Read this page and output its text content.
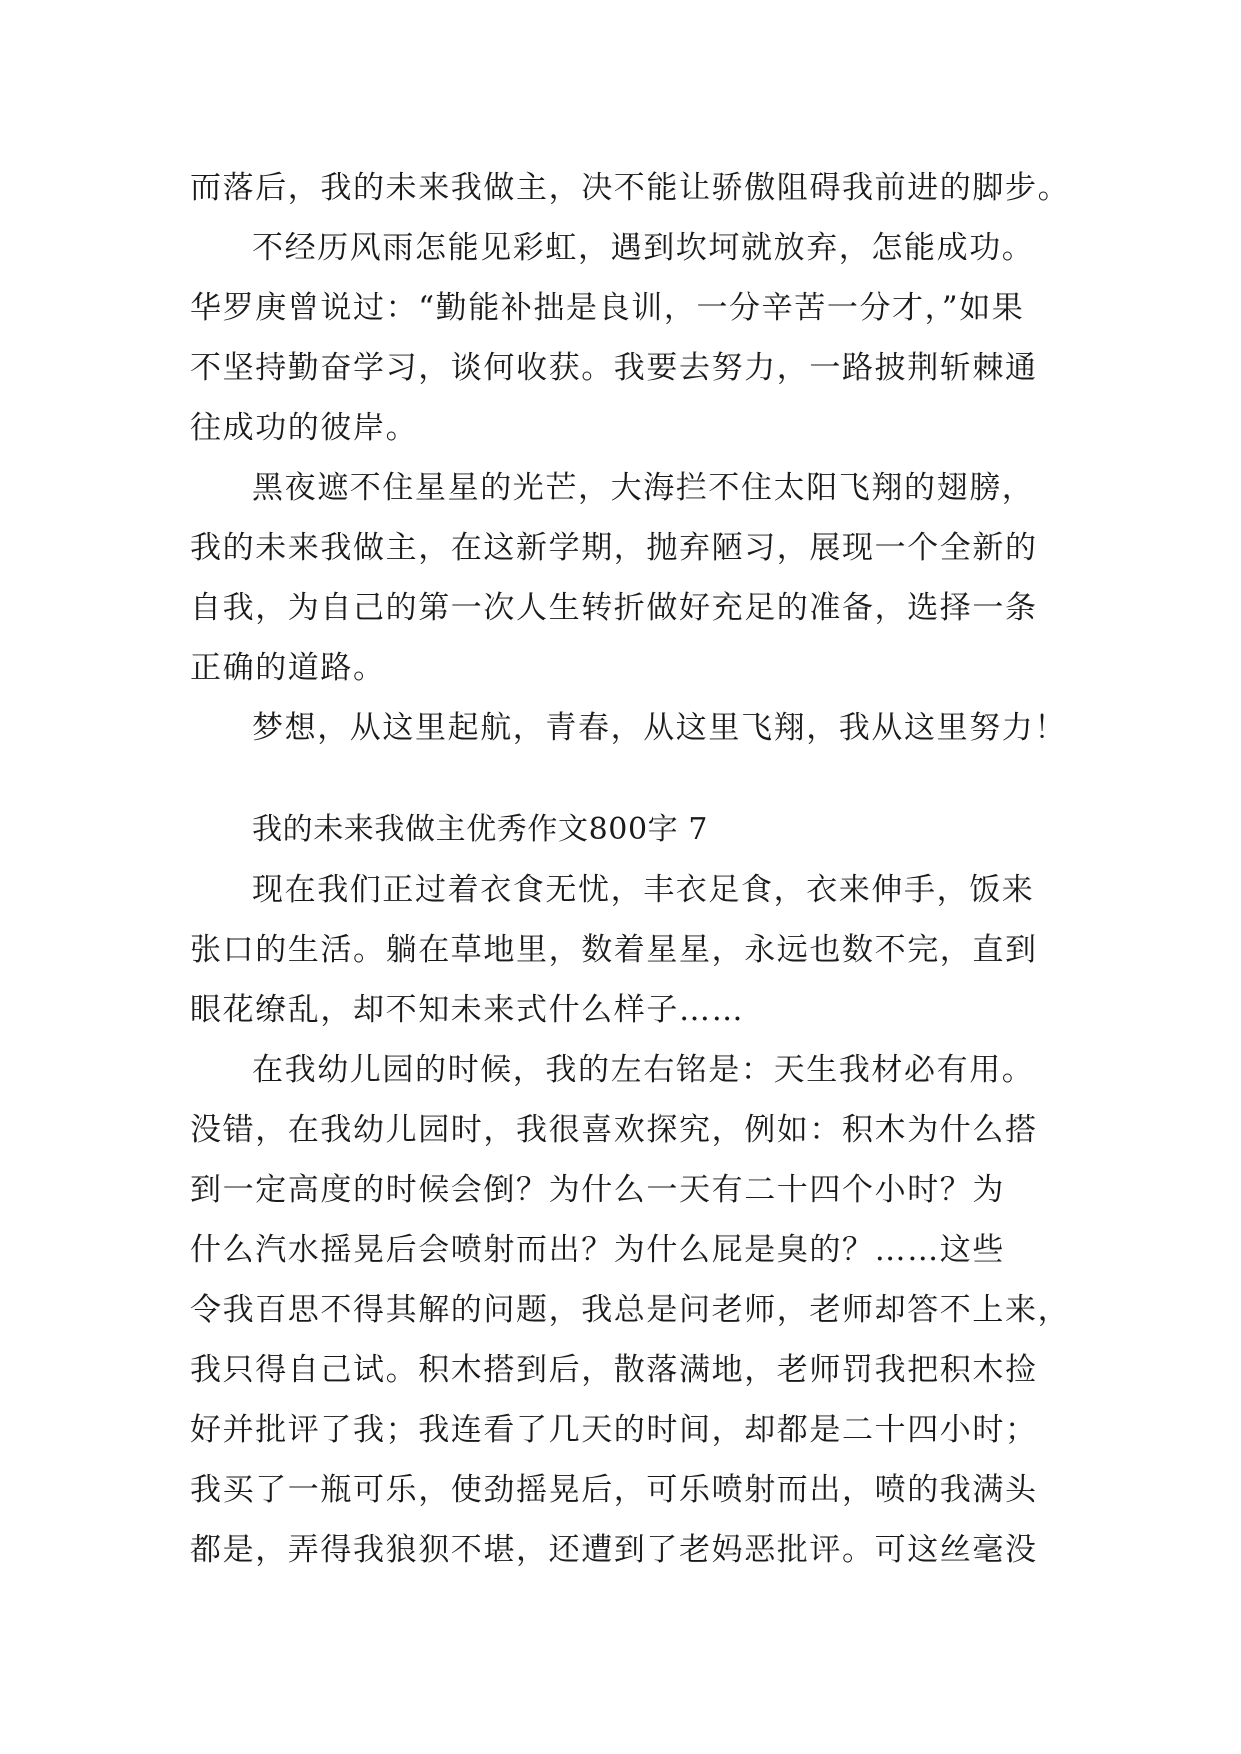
而落后，我的未来我做主，决不能让骄傲阻碍我前进的脚步。
不经历风雨怎能见彩虹，遇到坎坷就放弃，怎能成功。
华罗庚曾说过：“勤能补拙是良训，一分辛苦一分才，”如果
不坚持勤奋学习，谈何收获。我要去努力，一路披荆斩棘通
往成功的彼岸。
黑夜遮不住星星的光芒，大海拦不住太阳飞翔的翅膀，
我的未来我做主，在这新学期，抛弃陋习，展现一个全新的
自我，为自己的第一次人生转折做好充足的准备，选择一条
正确的道路。
梦想，从这里起航，青春，从这里飞翔，我从这里努力！
我的未来我做主优秀作文800字 7
现在我们正过着衣食无忧，丰衣足食，衣来伸手，饭来
张口的生活。躺在草地里，数着星星，永远也数不完，直到
眼花缭乱，却不知未来式什么样子……
在我幼儿园的时候，我的左右铭是：天生我材必有用。
没错，在我幼儿园时，我很喜欢探究，例如：积木为什么搭
到一定高度的时候会倒？为什么一天有二十四个小时？为
什么汽水摇晃后会喷射而出？为什么屁是臭的？……这些
令我百思不得其解的问题，我总是问老师，老师却答不上来，
我只得自己试。积木搭到后，散落满地，老师罚我把积木捡
好并批评了我；我连看了几天的时间，却都是二十四小时；
我买了一瓶可乐，使劲摇晃后，可乐喷射而出，喷的我满头
都是，弄得我狼狈不堪，还遭到了老妈恶批评。可这丝毫没
